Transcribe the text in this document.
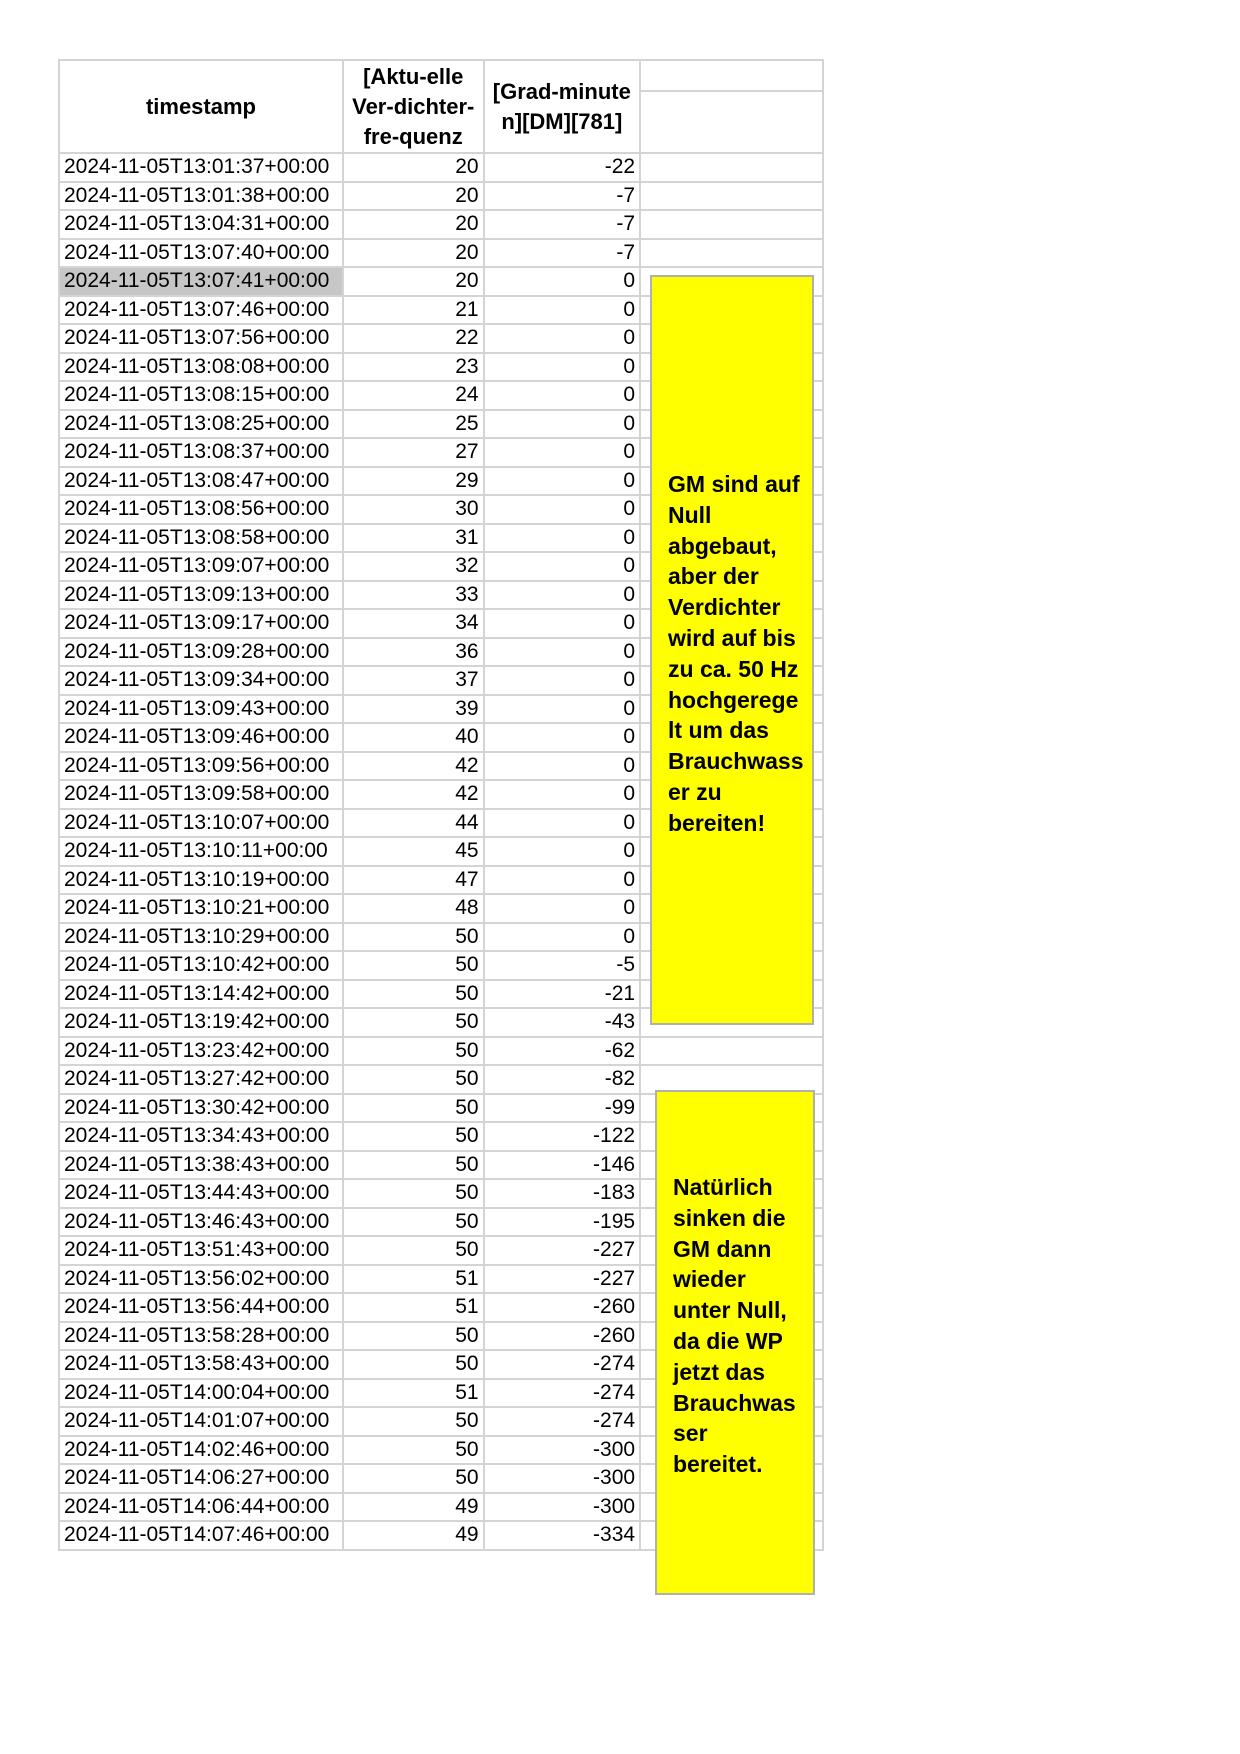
timestamp	[Aktu-elle Ver-dichter-fre-quenz	[Grad-minute n][DM][781]	

2024-11-05T13:01:37+00:00	20	-22	
2024-11-05T13:01:38+00:00	20	-7	
2024-11-05T13:04:31+00:00	20	-7	
2024-11-05T13:07:40+00:00	20	-7	
2024-11-05T13:07:41+00:00	20	0	
2024-11-05T13:07:46+00:00	21	0	
2024-11-05T13:07:56+00:00	22	0	
2024-11-05T13:08:08+00:00	23	0	
2024-11-05T13:08:15+00:00	24	0	
2024-11-05T13:08:25+00:00	25	0	
2024-11-05T13:08:37+00:00	27	0	
2024-11-05T13:08:47+00:00	29	0	
2024-11-05T13:08:56+00:00	30	0	
2024-11-05T13:08:58+00:00	31	0	
2024-11-05T13:09:07+00:00	32	0	
2024-11-05T13:09:13+00:00	33	0	
2024-11-05T13:09:17+00:00	34	0	
2024-11-05T13:09:28+00:00	36	0	
2024-11-05T13:09:34+00:00	37	0	
2024-11-05T13:09:43+00:00	39	0	
2024-11-05T13:09:46+00:00	40	0	
2024-11-05T13:09:56+00:00	42	0	
2024-11-05T13:09:58+00:00	42	0	
2024-11-05T13:10:07+00:00	44	0	
2024-11-05T13:10:11+00:00	45	0	
2024-11-05T13:10:19+00:00	47	0	
2024-11-05T13:10:21+00:00	48	0	
2024-11-05T13:10:29+00:00	50	0	
2024-11-05T13:10:42+00:00	50	-5	
2024-11-05T13:14:42+00:00	50	-21	
2024-11-05T13:19:42+00:00	50	-43	
2024-11-05T13:23:42+00:00	50	-62	
2024-11-05T13:27:42+00:00	50	-82	
2024-11-05T13:30:42+00:00	50	-99	
2024-11-05T13:34:43+00:00	50	-122	
2024-11-05T13:38:43+00:00	50	-146	
2024-11-05T13:44:43+00:00	50	-183	
2024-11-05T13:46:43+00:00	50	-195	
2024-11-05T13:51:43+00:00	50	-227	
2024-11-05T13:56:02+00:00	51	-227	
2024-11-05T13:56:44+00:00	51	-260	
2024-11-05T13:58:28+00:00	50	-260	
2024-11-05T13:58:43+00:00	50	-274	
2024-11-05T14:00:04+00:00	51	-274	
2024-11-05T14:01:07+00:00	50	-274	
2024-11-05T14:02:46+00:00	50	-300	
2024-11-05T14:06:27+00:00	50	-300	
2024-11-05T14:06:44+00:00	49	-300	
2024-11-05T14:07:46+00:00	49	-334	
GM sind auf
Null
abgebaut,
aber der
Verdichter
wird auf bis
zu ca. 50 Hz
hochgerege
lt um das
Brauchwass
er zu
bereiten!
Natürlich
sinken die
GM dann
wieder
unter Null,
da die WP
jetzt das
Brauchwas
ser
bereitet.
